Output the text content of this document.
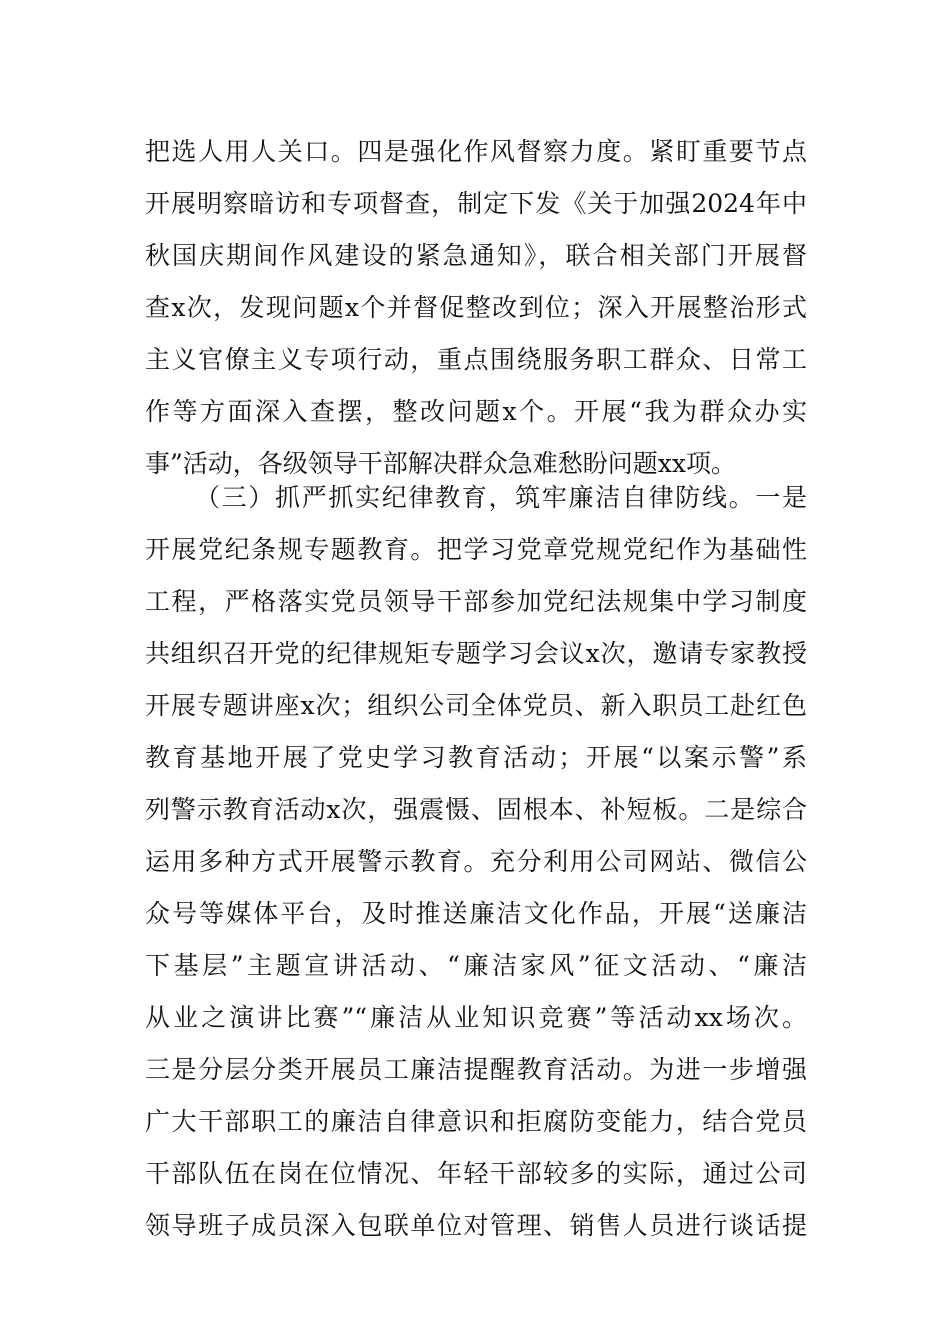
把选人用人关口。四是强化作风督察力度。紧盯重要节点
开展明察暗访和专项督查，制定下发《关于加强2024年中
秋国庆期间作风建设的紧急通知》，联合相关部门开展督
查x次，发现问题x个并督促整改到位；深入开展整治形式
主义官僚主义专项行动，重点围绕服务职工群众、日常工
作等方面深入查摆，整改问题x个。开展“我为群众办实
事”活动，各级领导干部解决群众急难愁盼问题xx项。
（三）抓严抓实纪律教育，筑牢廉洁自律防线。一是
开展党纪条规专题教育。把学习党章党规党纪作为基础性
工程，严格落实党员领导干部参加党纪法规集中学习制度
共组织召开党的纪律规矩专题学习会议x次，邀请专家教授
开展专题讲座x次；组织公司全体党员、新入职员工赴红色
教育基地开展了党史学习教育活动；开展“以案示警”系
列警示教育活动x次，强震慑、固根本、补短板。二是综合
运用多种方式开展警示教育。充分利用公司网站、微信公
众号等媒体平台，及时推送廉洁文化作品，开展“送廉洁
下基层”主题宣讲活动、“廉洁家风”征文活动、“廉洁
从业之演讲比赛”“廉洁从业知识竞赛”等活动xx场次。
三是分层分类开展员工廉洁提醒教育活动。为进一步增强
广大干部职工的廉洁自律意识和拒腐防变能力，结合党员
干部队伍在岗在位情况、年轻干部较多的实际，通过公司
领导班子成员深入包联单位对管理、销售人员进行谈话提
